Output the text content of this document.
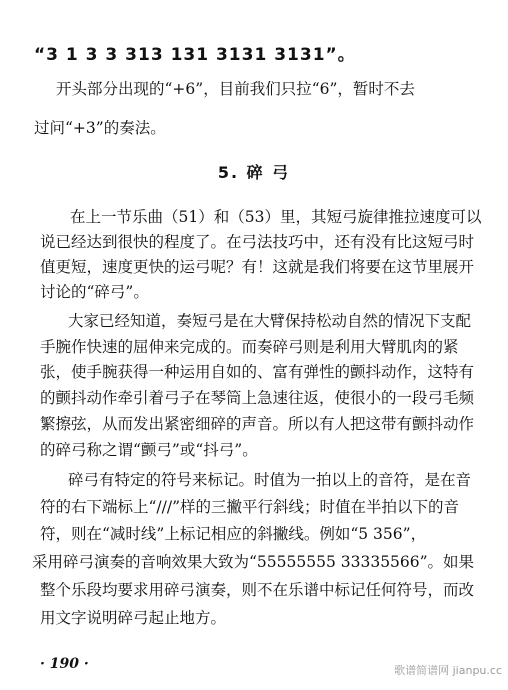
“3 1 3 3 313 131 3131 3131”。
开头部分出现的“+6”，目前我们只拉“6”，暂时不去
过问“+3”的奏法。
5. 碎 弓
在上一节乐曲（51）和（53）里，其短弓旋律推拉速度可以
说已经达到很快的程度了。在弓法技巧中，还有没有比这短弓时
值更短，速度更快的运弓呢？有！这就是我们将要在这节里展开
讨论的“碎弓”。
大家已经知道，奏短弓是在大臂保持松动自然的情况下支配
手腕作快速的屈伸来完成的。而奏碎弓则是利用大臂肌肉的紧
张，使手腕获得一种运用自如的、富有弹性的颤抖动作，这特有
的颤抖动作牵引着弓子在琴筒上急速往返，使很小的一段弓毛频
繁擦弦，从而发出紧密细碎的声音。所以有人把这带有颤抖动作
的碎弓称之谓“颤弓”或“抖弓”。
碎弓有特定的符号来标记。时值为一拍以上的音符，是在音
符的右下端标上“///”样的三撇平行斜线；时值在半拍以下的音
符，则在“减时线”上标记相应的斜撇线。例如“5 356”，
采用碎弓演奏的音响效果大致为“55555555 33335566”。如果
整个乐段均要求用碎弓演奏，则不在乐谱中标记任何符号，而改
用文字说明碎弓起止地方。
· 190 ·	歌谱简谱网 jianpu.cc
